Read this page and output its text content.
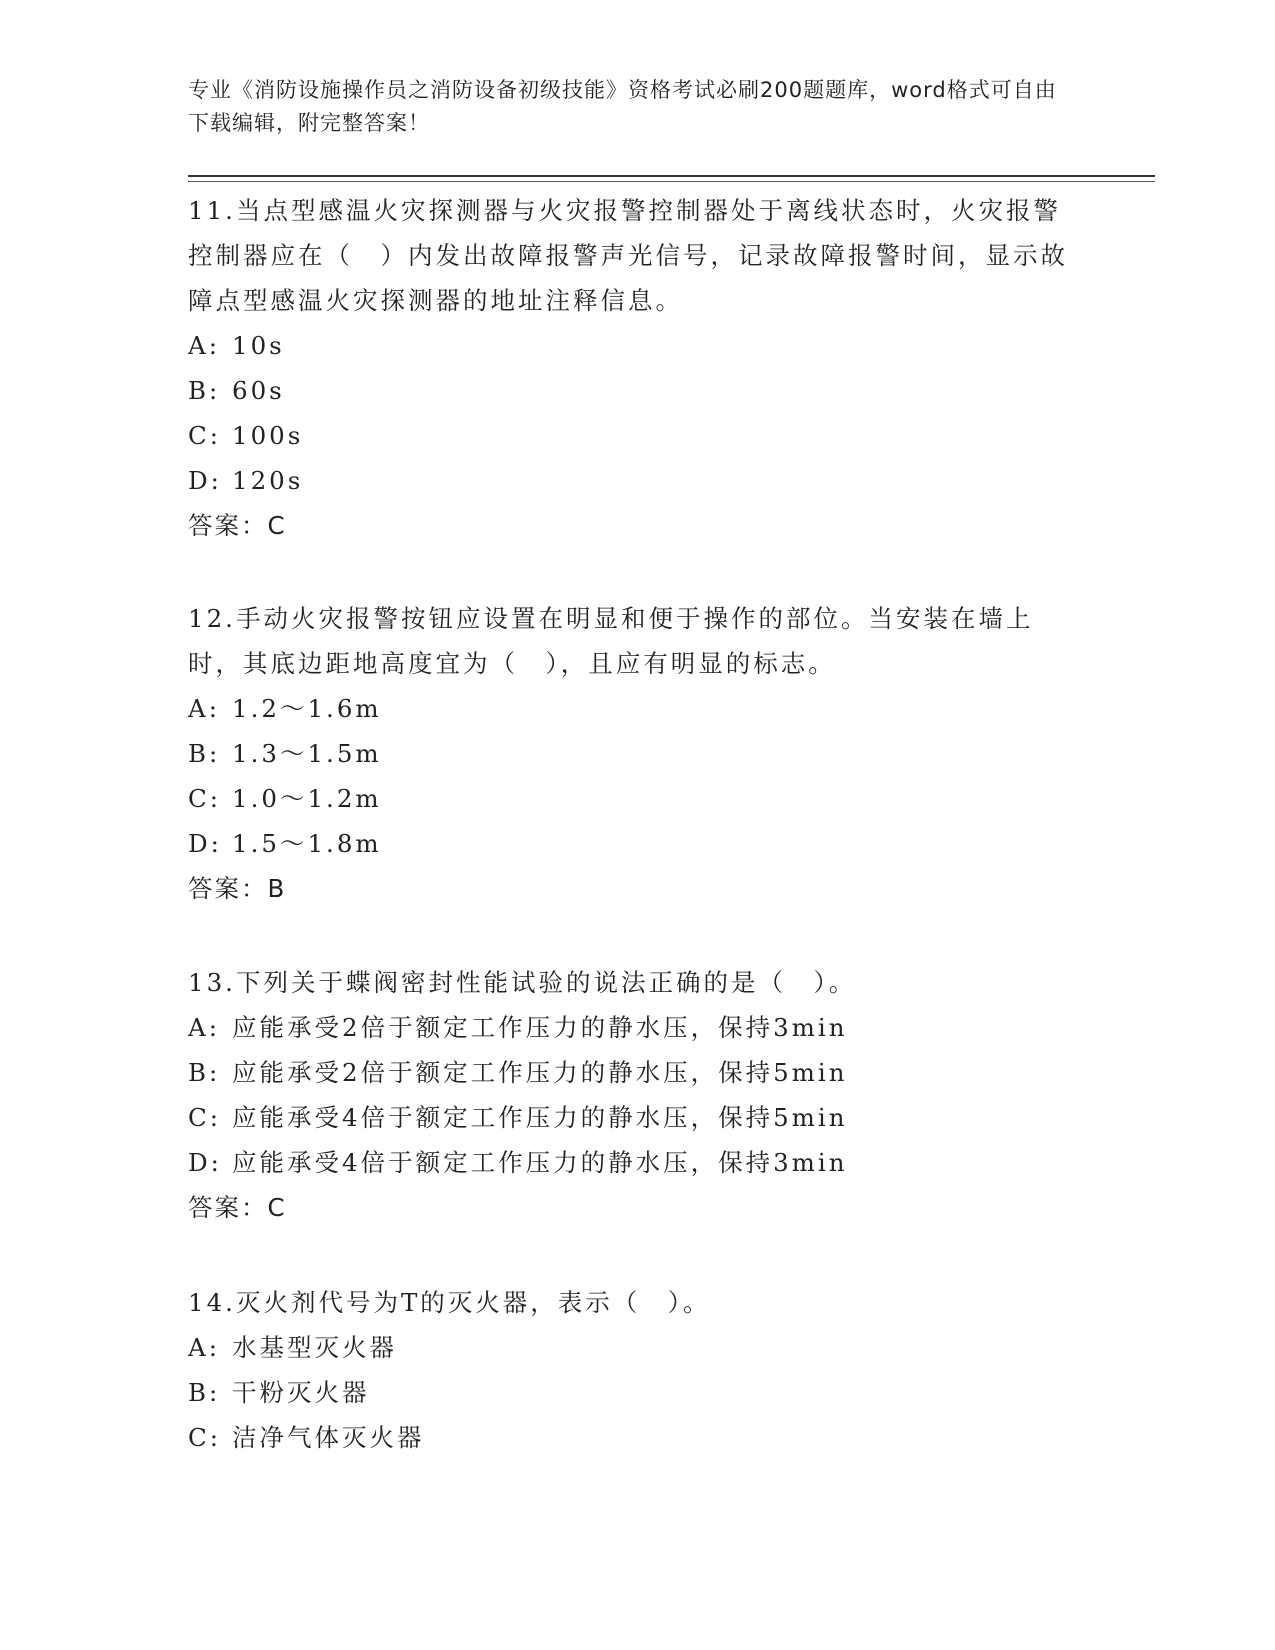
专业《消防设施操作员之消防设备初级技能》资格考试必刷200题题库，word格式可自由下载编辑，附完整答案！

11.当点型感温火灾探测器与火灾报警控制器处于离线状态时，火灾报警控制器应在（　）内发出故障报警声光信号，记录故障报警时间，显示故障点型感温火灾探测器的地址注释信息。

A: 10s

B: 60s

C: 100s

D: 120s

答案：C

12.手动火灾报警按钮应设置在明显和便于操作的部位。当安装在墙上时，其底边距地高度宜为（　），且应有明显的标志。

A: 1.2～1.6m

B: 1.3～1.5m

C: 1.0～1.2m

D: 1.5～1.8m

答案：B

13.下列关于蝶阀密封性能试验的说法正确的是（　）。

A: 应能承受2倍于额定工作压力的静水压，保持3min

B: 应能承受2倍于额定工作压力的静水压，保持5min

C: 应能承受4倍于额定工作压力的静水压，保持5min

D: 应能承受4倍于额定工作压力的静水压，保持3min

答案：C

14.灭火剂代号为T的灭火器，表示（　）。

A: 水基型灭火器

B: 干粉灭火器

C: 洁净气体灭火器
